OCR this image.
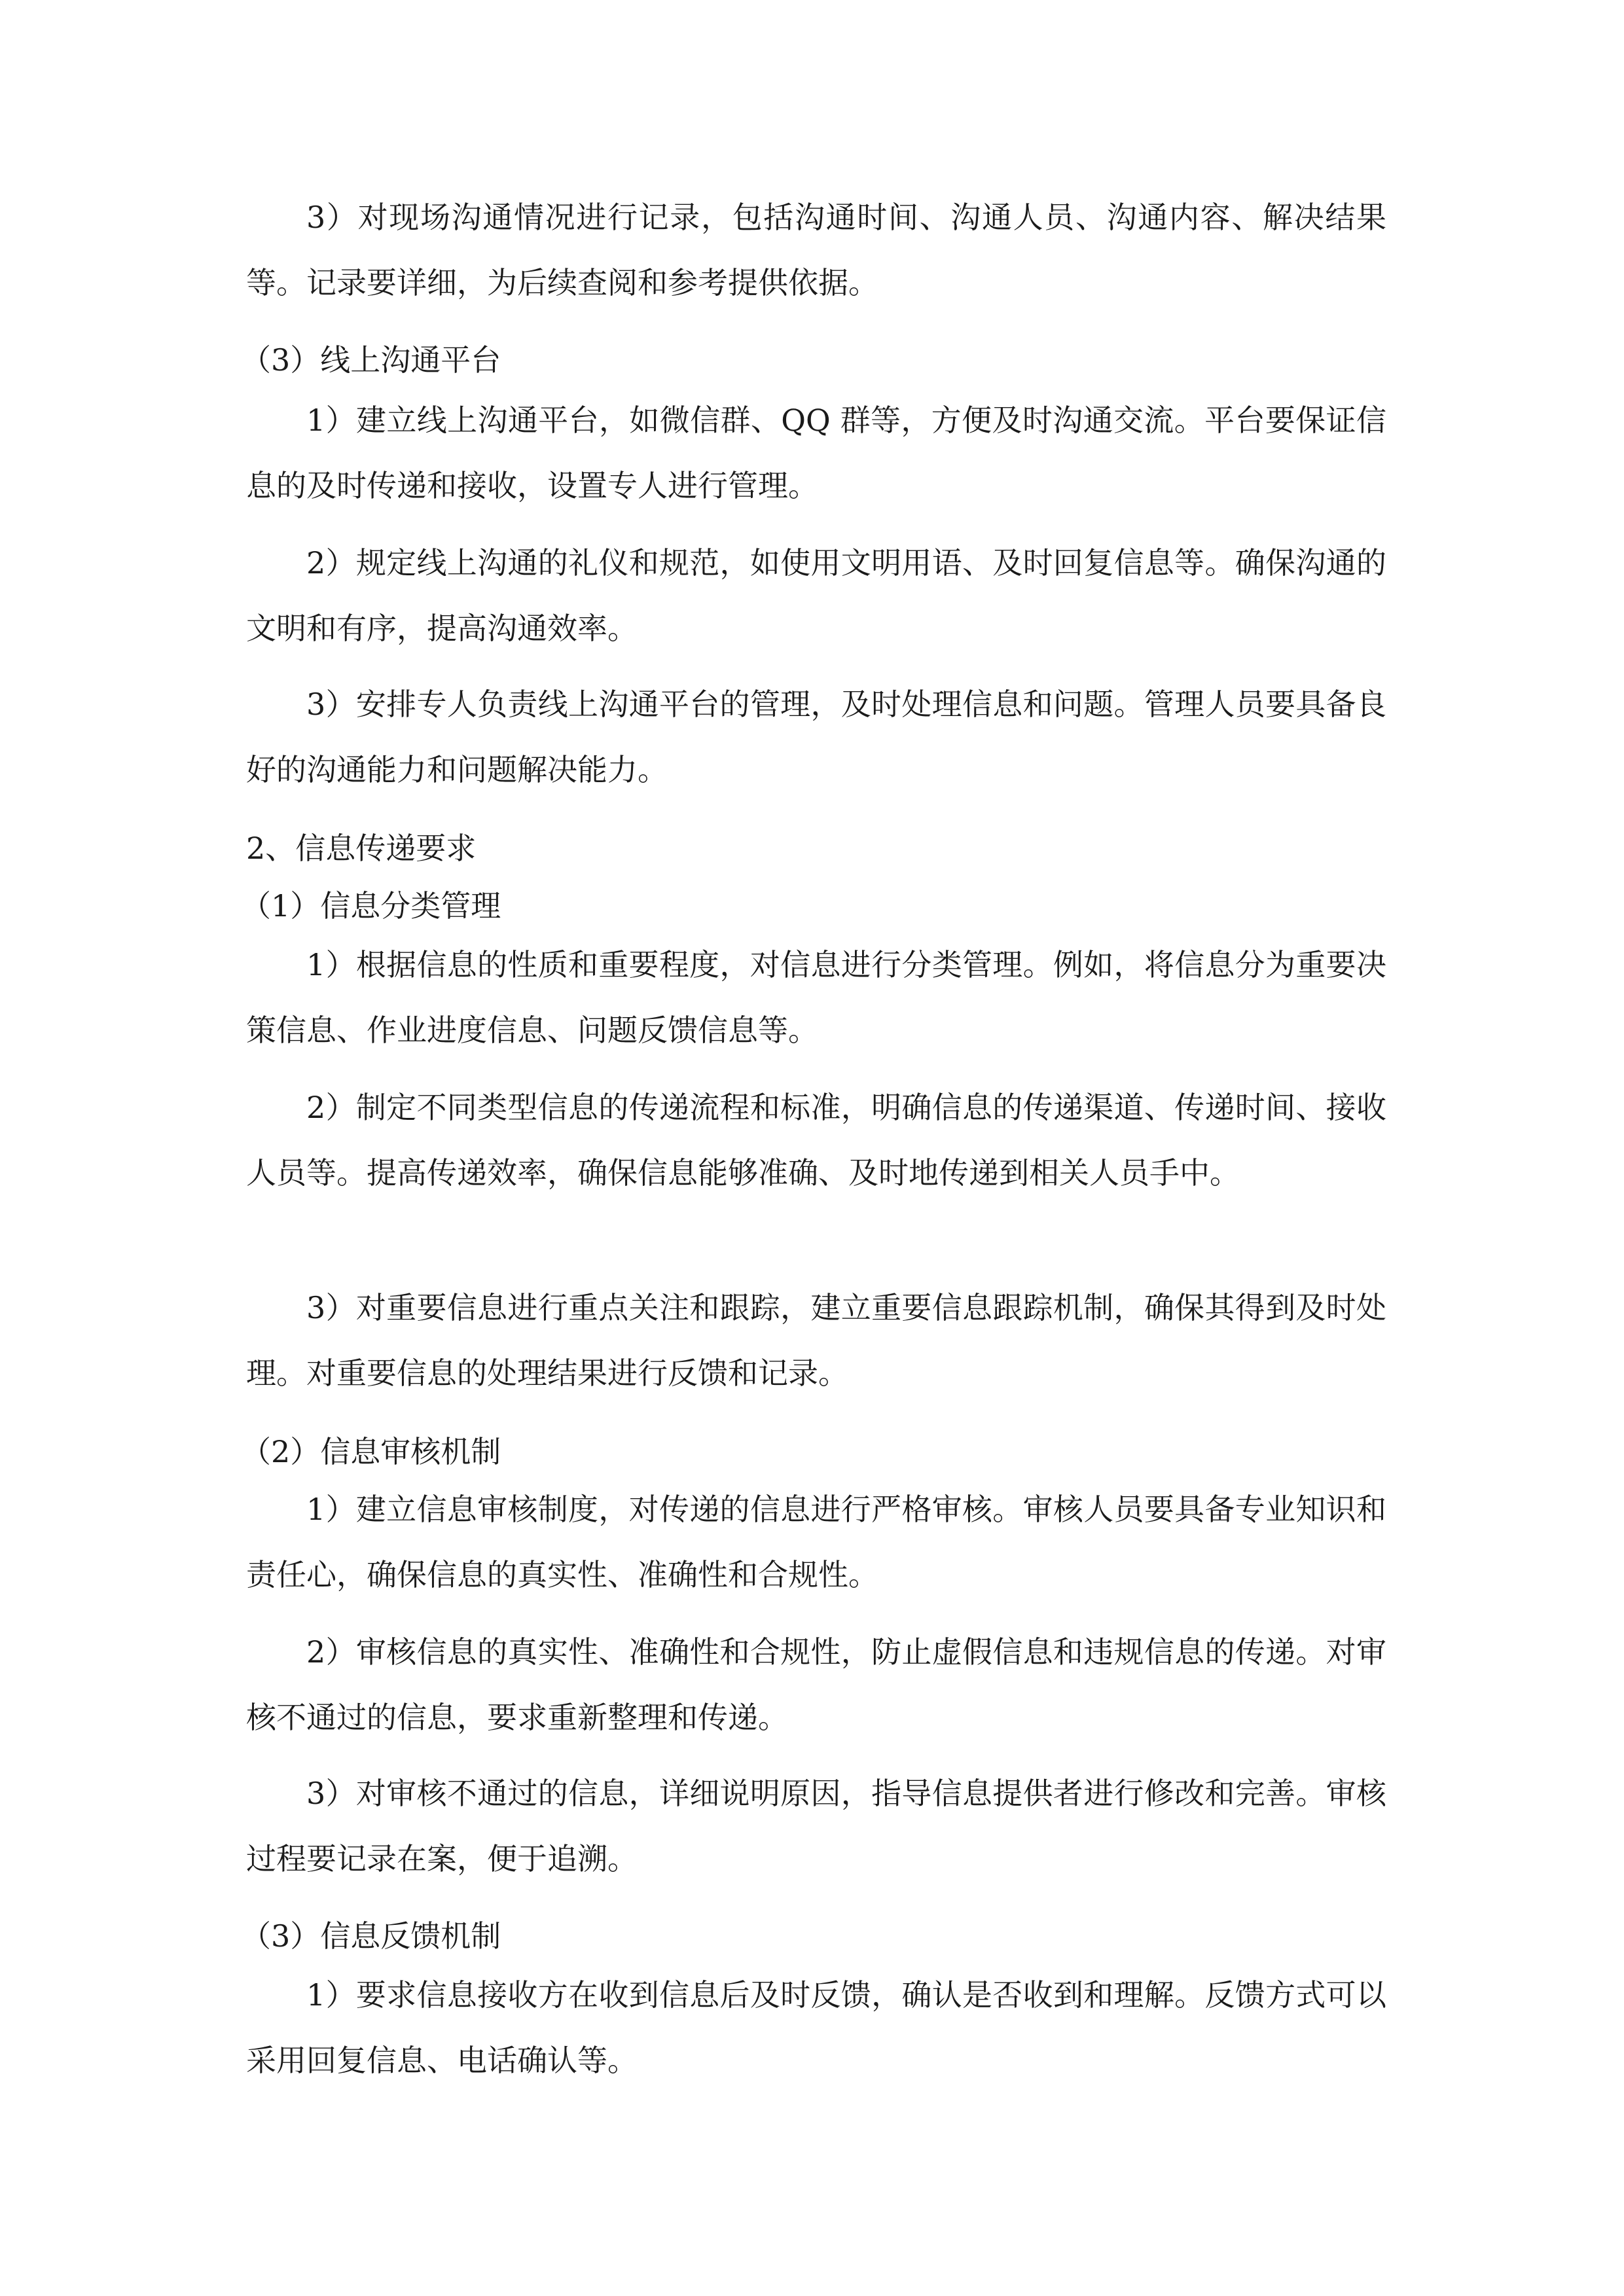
3）对现场沟通情况进行记录，包括沟通时间、沟通人员、沟通内容、解决结果等。记录要详细，为后续查阅和参考提供依据。

（3）线上沟通平台

1）建立线上沟通平台，如微信群、QQ 群等，方便及时沟通交流。平台要保证信息的及时传递和接收，设置专人进行管理。

2）规定线上沟通的礼仪和规范，如使用文明用语、及时回复信息等。确保沟通的文明和有序，提高沟通效率。

3）安排专人负责线上沟通平台的管理，及时处理信息和问题。管理人员要具备良好的沟通能力和问题解决能力。

2、信息传递要求
（1）信息分类管理

1）根据信息的性质和重要程度，对信息进行分类管理。例如，将信息分为重要决策信息、作业进度信息、问题反馈信息等。

2）制定不同类型信息的传递流程和标准，明确信息的传递渠道、传递时间、接收人员等。提高传递效率，确保信息能够准确、及时地传递到相关人员手中。

3）对重要信息进行重点关注和跟踪，建立重要信息跟踪机制，确保其得到及时处理。对重要信息的处理结果进行反馈和记录。

（2）信息审核机制

1）建立信息审核制度，对传递的信息进行严格审核。审核人员要具备专业知识和责任心，确保信息的真实性、准确性和合规性。

2）审核信息的真实性、准确性和合规性，防止虚假信息和违规信息的传递。对审核不通过的信息，要求重新整理和传递。

3）对审核不通过的信息，详细说明原因，指导信息提供者进行修改和完善。审核过程要记录在案，便于追溯。

（3）信息反馈机制

1）要求信息接收方在收到信息后及时反馈，确认是否收到和理解。反馈方式可以采用回复信息、电话确认等。
